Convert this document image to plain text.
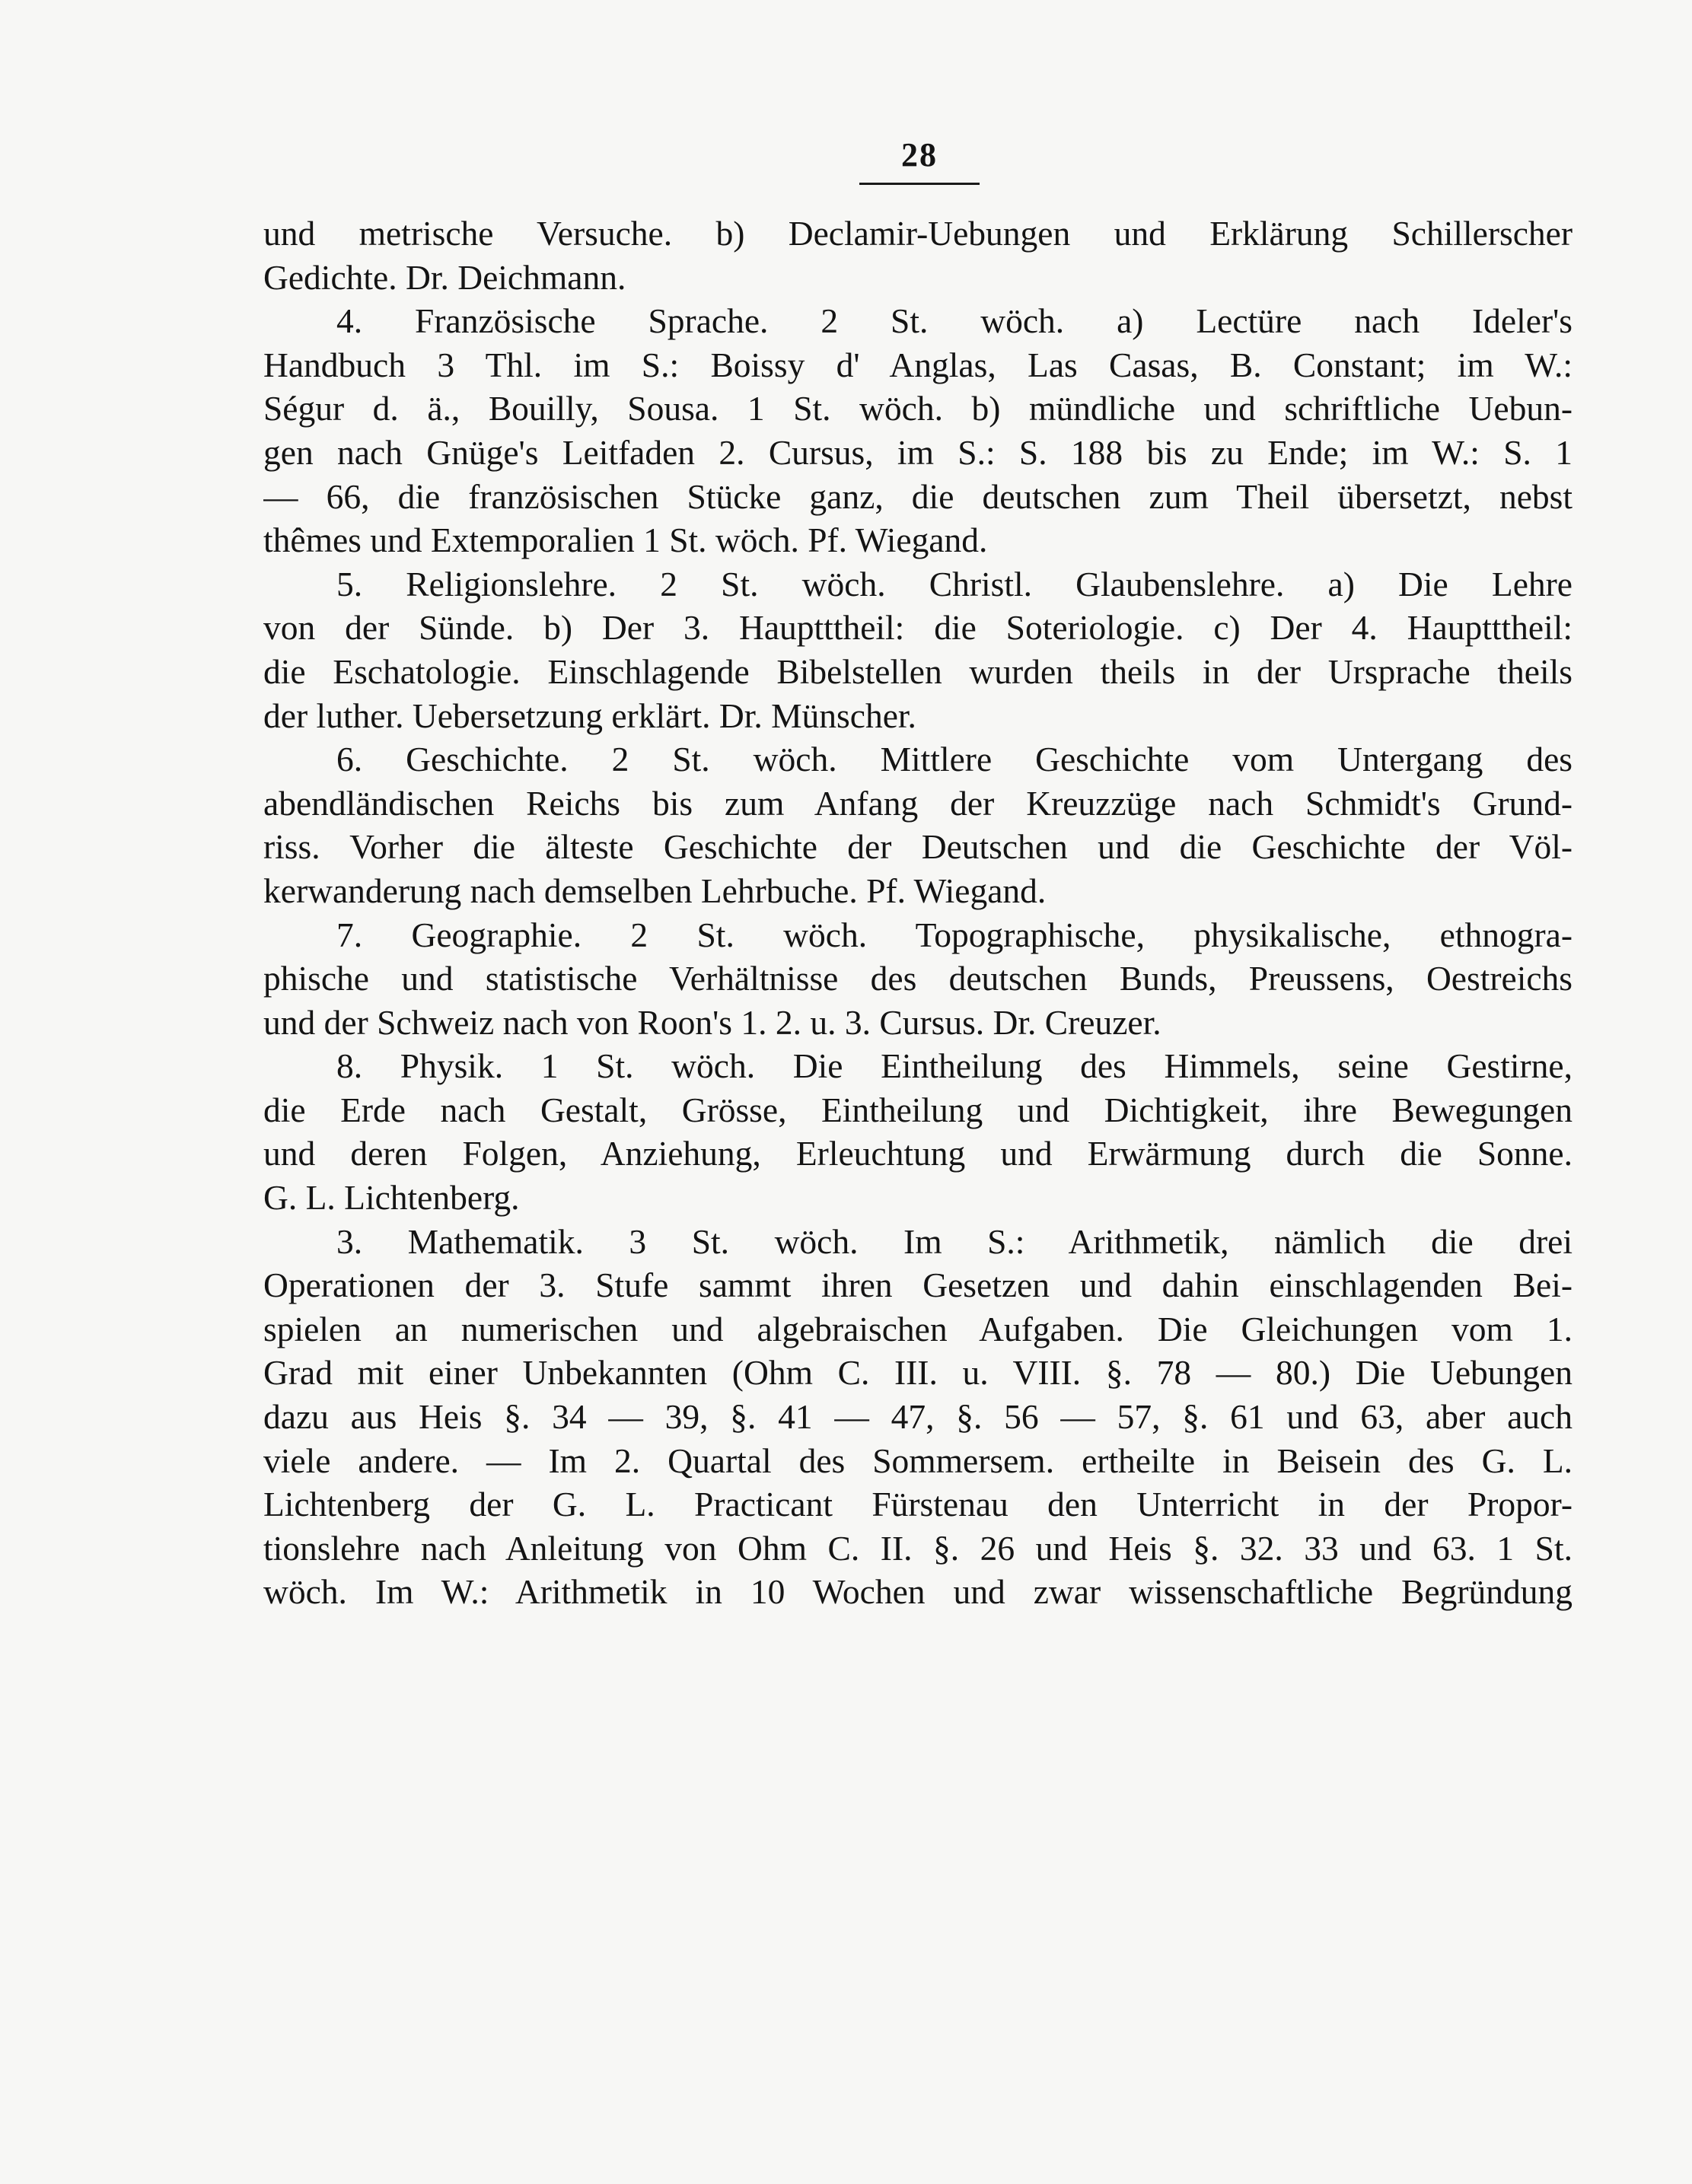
28
und metrische Versuche. b) Declamir-Uebungen und Erklärung Schillerscher
Gedichte. Dr. Deichmann.
4. Französische Sprache. 2 St. wöch. a) Lectüre nach Ideler's
Handbuch 3 Thl. im S.: Boissy d' Anglas, Las Casas, B. Constant; im W.:
Ségur d. ä., Bouilly, Sousa. 1 St. wöch. b) mündliche und schriftliche Uebun-
gen nach Gnüge's Leitfaden 2. Cursus, im S.: S. 188 bis zu Ende; im W.: S. 1
— 66, die französischen Stücke ganz, die deutschen zum Theil übersetzt, nebst
thêmes und Extemporalien 1 St. wöch. Pf. Wiegand.
5. Religionslehre. 2 St. wöch. Christl. Glaubenslehre. a) Die Lehre
von der Sünde. b) Der 3. Hauptttheil: die Soteriologie. c) Der 4. Hauptttheil:
die Eschatologie. Einschlagende Bibelstellen wurden theils in der Ursprache theils
der luther. Uebersetzung erklärt. Dr. Münscher.
6. Geschichte. 2 St. wöch. Mittlere Geschichte vom Untergang des
abendländischen Reichs bis zum Anfang der Kreuzzüge nach Schmidt's Grund-
riss. Vorher die älteste Geschichte der Deutschen und die Geschichte der Völ-
kerwanderung nach demselben Lehrbuche. Pf. Wiegand.
7. Geographie. 2 St. wöch. Topographische, physikalische, ethnogra-
phische und statistische Verhältnisse des deutschen Bunds, Preussens, Oestreichs
und der Schweiz nach von Roon's 1. 2. u. 3. Cursus. Dr. Creuzer.
8. Physik. 1 St. wöch. Die Eintheilung des Himmels, seine Gestirne,
die Erde nach Gestalt, Grösse, Eintheilung und Dichtigkeit, ihre Bewegungen
und deren Folgen, Anziehung, Erleuchtung und Erwärmung durch die Sonne.
G. L. Lichtenberg.
3. Mathematik. 3 St. wöch. Im S.: Arithmetik, nämlich die drei
Operationen der 3. Stufe sammt ihren Gesetzen und dahin einschlagenden Bei-
spielen an numerischen und algebraischen Aufgaben. Die Gleichungen vom 1.
Grad mit einer Unbekannten (Ohm C. III. u. VIII. §. 78 — 80.) Die Uebungen
dazu aus Heis §. 34 — 39, §. 41 — 47, §. 56 — 57, §. 61 und 63, aber auch
viele andere. — Im 2. Quartal des Sommersem. ertheilte in Beisein des G. L.
Lichtenberg der G. L. Practicant Fürstenau den Unterricht in der Propor-
tionslehre nach Anleitung von Ohm C. II. §. 26 und Heis §. 32. 33 und 63. 1 St.
wöch. Im W.: Arithmetik in 10 Wochen und zwar wissenschaftliche Begründung
